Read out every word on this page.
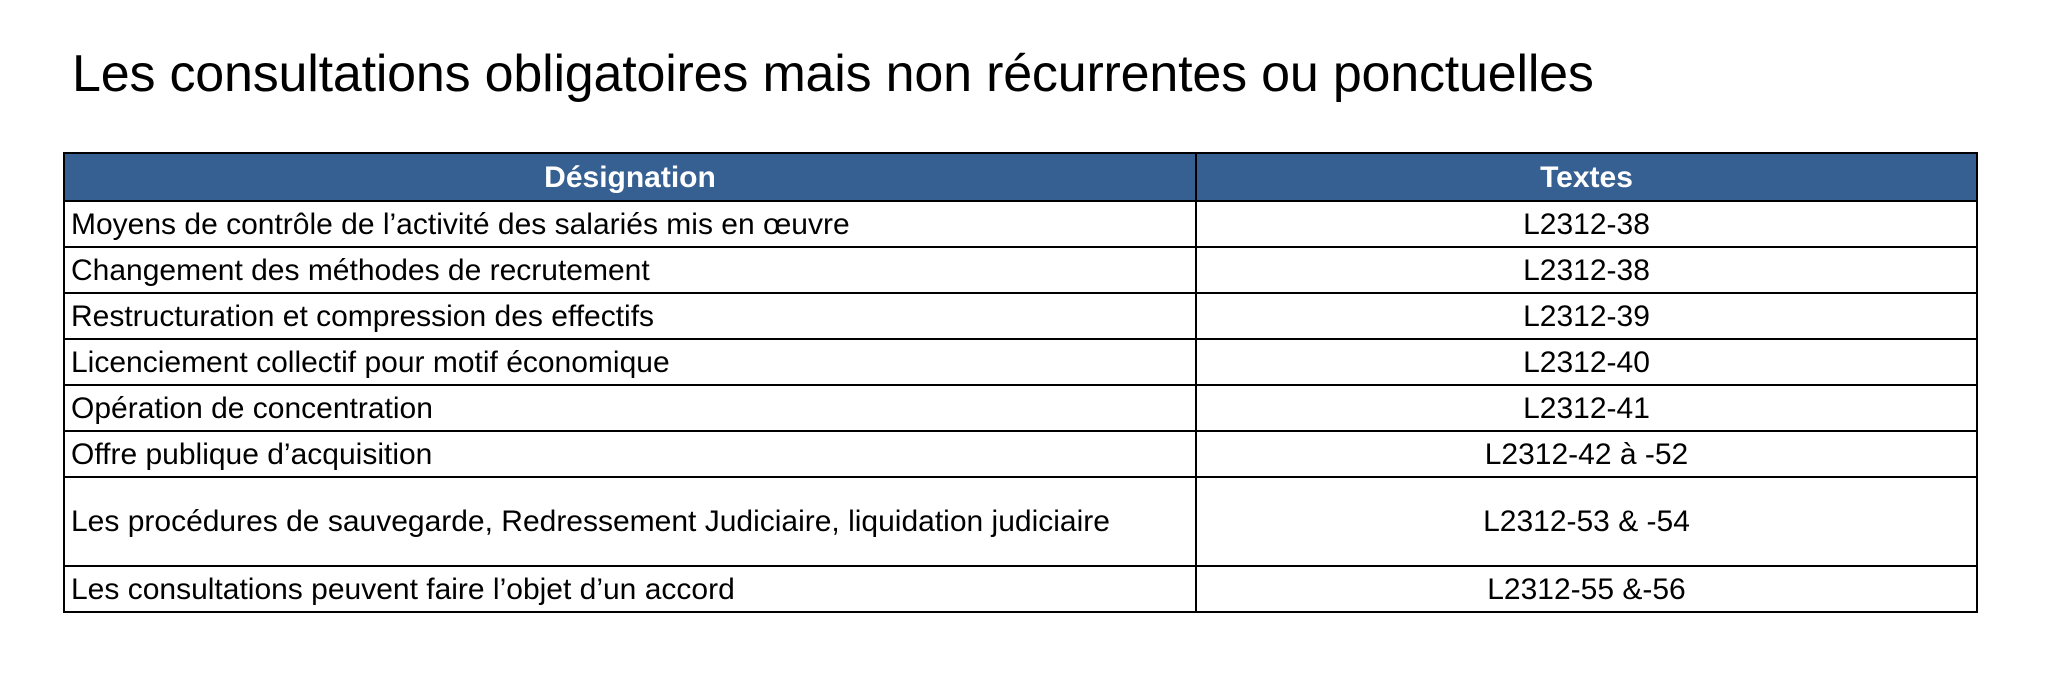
Les consultations obligatoires mais non récurrentes ou ponctuelles
Désignation	Textes
Moyens de contrôle de l’activité des salariés mis en œuvre	L2312-38
Changement des méthodes de recrutement	L2312-38
Restructuration et compression des effectifs	L2312-39
Licenciement collectif pour motif économique	L2312-40
Opération de concentration	L2312-41
Offre publique d’acquisition	L2312-42 à -52
Les procédures de sauvegarde, Redressement Judiciaire, liquidation judiciaire	L2312-53 & -54
Les consultations peuvent faire l’objet d’un accord	L2312-55 &-56
